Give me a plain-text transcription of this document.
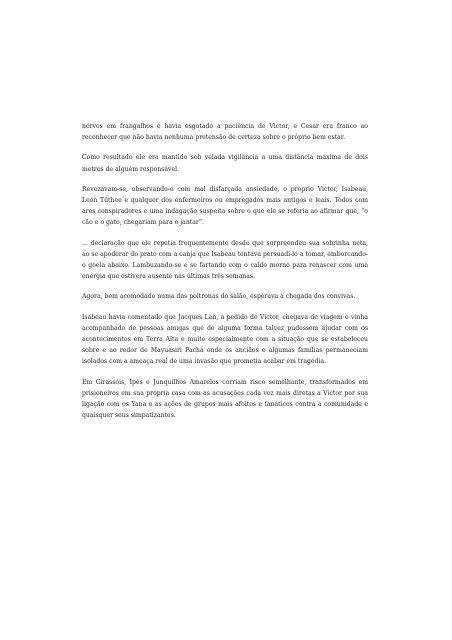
nervos em frangalhos e havia esgotado a paciência de Victor, e Cesar era franco ao reconhecer que não havia nenhuma pretensão de certeza sobre o próprio bem estar.

Como resultado ele era mantido sob velada vigilância a uma distância máxima de dois metros de alguém responsável.

Revezavam-se, observando-o com mal disfarçada ansiedade, o próprio Victor, Isabeau, León Tüthee e qualquer dos enfermeiros ou empregados mais antigos e leais. Todos com ares conspiradores e uma indagação suspeita sobre o que ele se referia ao afirmar que, “o cão e o gato, chegariam para o jantar”.

... declaração que ele repetia frequentemente desde que surpreendeu sua sobrinha neta, ao se apoderar do prato com a canja que Isabeau tentava persuadi-lo a tomar, emborcando-o goela abaixo. Lambuzando-se e se fartando com o caldo morno para renascer com uma energia que estivera ausente nas últimas três semanas.

Agora, bem acomodado numa das poltronas do salão, esperava a chegada dos convivas.

Isabeau havia comentado que Jacques Lan, a pedido de Victor, chegava de viagem e vinha acompanhado de pessoas amigas que de alguma forma talvez pudessem ajudar com os acontecimentos em Terra Alta e muito especialmente com a situação que se estabeleceu sobre e ao redor de Mayuasiri Pacha onde os anciãos e algumas famílias permaneciam isolados com a ameaça real de uma invasão que prometia acabar em tragédia.

Em Girassóis, Ipês e Junquilhos Amarelos corriam risco semelhante, transformados em prisioneiros em sua própria casa com as acusações cada vez mais diretas a Victor por sua ligação com os Yana e as ações de grupos mais afoitos e fanáticos contra a comunidade e quaisquer seus simpatizantes.
